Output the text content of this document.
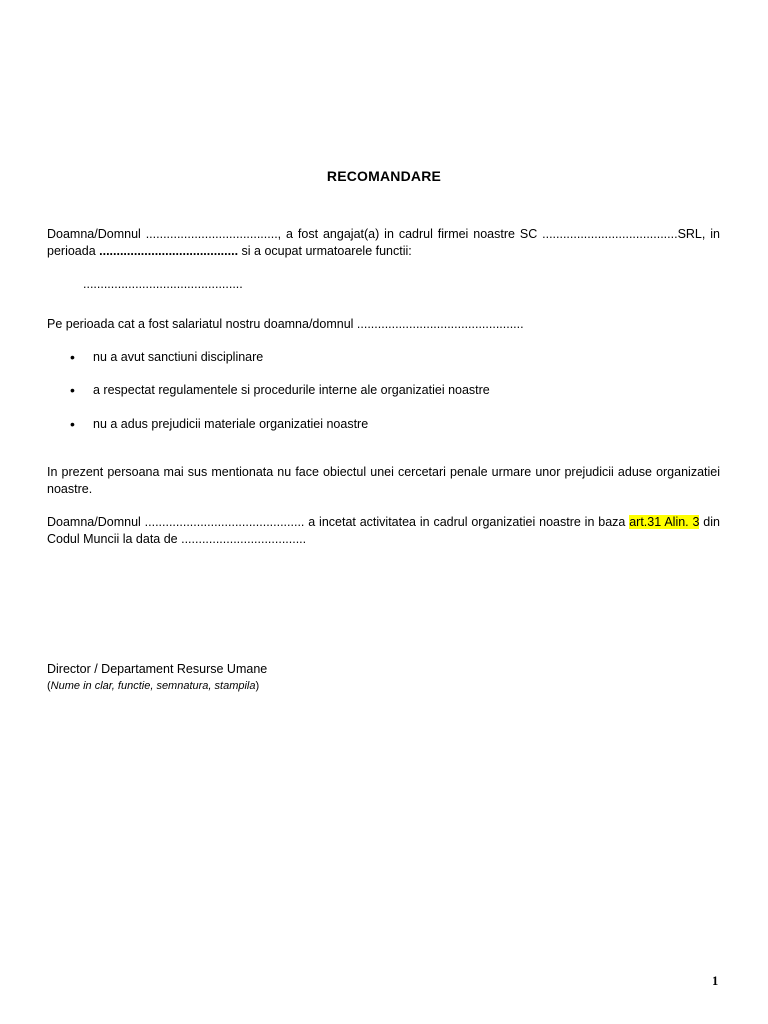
RECOMANDARE
Doamna/Domnul ......................................, a fost angajat(a) in cadrul firmei noastre SC .......................................SRL, in perioada ........................................ si a ocupat urmatoarele functii:
..............................................
Pe perioada cat a fost salariatul nostru doamna/domnul ................................................
•	nu a avut sanctiuni disciplinare
•	a respectat regulamentele si procedurile interne ale organizatiei noastre
•	nu a adus prejudicii materiale organizatiei noastre
In prezent persoana mai sus mentionata nu face obiectul unei cercetari penale urmare unor prejudicii aduse organizatiei noastre.
Doamna/Domnul .............................................. a incetat activitatea in cadrul organizatiei noastre in baza art.31 Alin. 3 din Codul Muncii la data de ....................................
Director / Departament Resurse Umane
(Nume in clar, functie, semnatura, stampila)
1
